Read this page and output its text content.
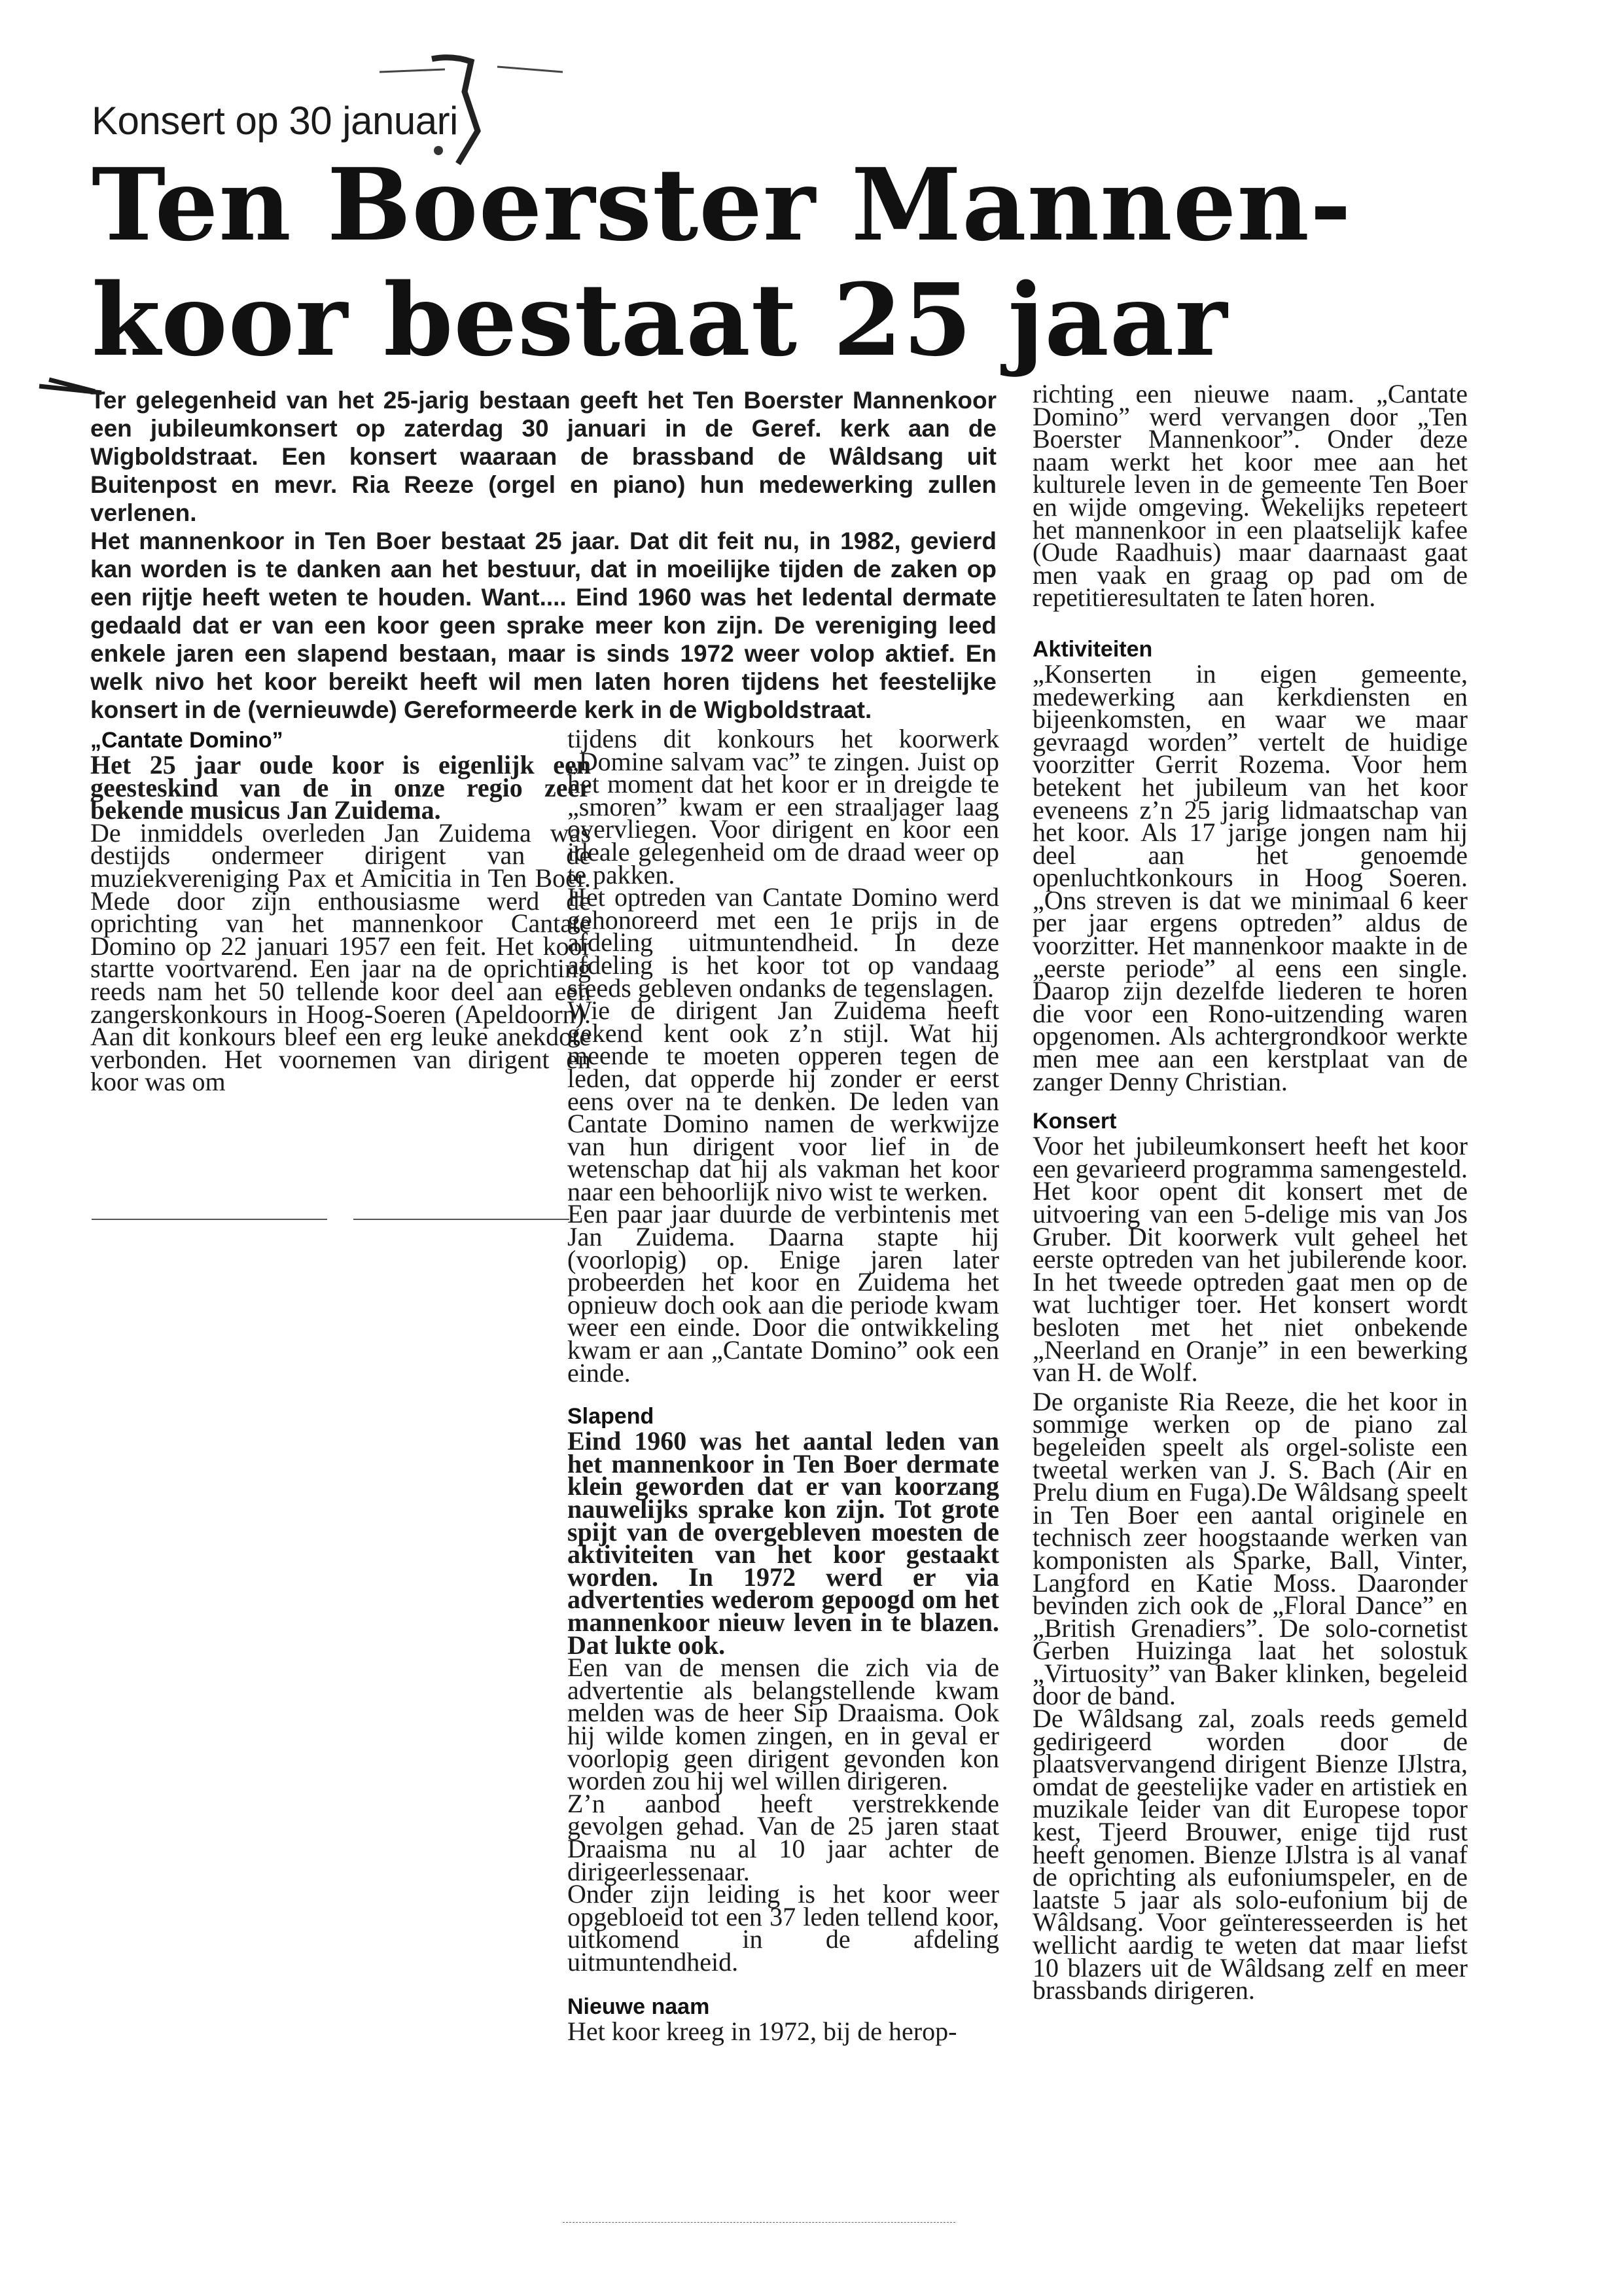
Konsert op 30 januari
Ten Boerster Mannen-
koor bestaat 25 jaar

Ter gelegenheid van het 25-jarig bestaan geeft het Ten Boerster Mannenkoor een jubileumkonsert op zaterdag 30 januari in de Geref. kerk aan de Wigboldstraat. Een konsert waaraan de brassband de Wâldsang uit Buitenpost en mevr. Ria Reeze (orgel en piano) hun medewerking zullen verlenen.

Het mannenkoor in Ten Boer bestaat 25 jaar. Dat dit feit nu, in 1982, gevierd kan worden is te danken aan het bestuur, dat in moeilijke tijden de zaken op een rijtje heeft weten te houden. Want.... Eind 1960 was het ledental dermate gedaald dat er van een koor geen sprake meer kon zijn. De vereniging leed enkele jaren een slapend bestaan, maar is sinds 1972 weer volop aktief. En welk nivo het koor bereikt heeft wil men laten horen tijdens het feestelijke konsert in de (vernieuwde) Gereformeerde kerk in de Wigboldstraat.

„Cantate Domino”

Het 25 jaar oude koor is eigenlijk een geesteskind van de in onze regio zeer bekende musicus Jan Zuidema.

De inmiddels overleden Jan Zuidema was destijds ondermeer dirigent van de muziekvereniging Pax et Amicitia in Ten Boer. Mede door zijn enthousiasme werd de oprichting van het mannenkoor Cantate Domino op 22 januari 1957 een feit. Het koor startte voortvarend. Een jaar na de oprichting reeds nam het 50 tellende koor deel aan een zangerskonkours in Hoog-Soeren (Apeldoorn). Aan dit konkours bleef een erg leuke anekdote verbonden. Het voornemen van dirigent en koor was om

tijdens dit konkours het koorwerk „Domine salvam vac” te zingen. Juist op het moment dat het koor er in dreigde te „smoren” kwam er een straaljager laag overvliegen. Voor dirigent en koor een ideale gelegenheid om de draad weer op te pakken.

Het optreden van Cantate Domino werd gehonoreerd met een 1e prijs in de afdeling uitmuntendheid. In deze afdeling is het koor tot op vandaag steeds gebleven ondanks de tegenslagen.

Wie de dirigent Jan Zuidema heeft gekend kent ook z’n stijl. Wat hij meende te moeten opperen tegen de leden, dat opperde hij zonder er eerst eens over na te denken. De leden van Cantate Domino namen de werkwijze van hun dirigent voor lief in de wetenschap dat hij als vakman het koor naar een behoorlijk nivo wist te werken.

Een paar jaar duurde de verbintenis met Jan Zuidema. Daarna stapte hij (voorlopig) op. Enige jaren later probeerden het koor en Zuidema het opnieuw doch ook aan die periode kwam weer een einde. Door die ontwikkeling kwam er aan „Cantate Domino” ook een einde.

Slapend

Eind 1960 was het aantal leden van het mannenkoor in Ten Boer dermate klein geworden dat er van koorzang nauwelijks sprake kon zijn. Tot grote spijt van de overgebleven moesten de aktiviteiten van het koor gestaakt worden. In 1972 werd er via advertenties wederom gepoogd om het mannenkoor nieuw leven in te blazen. Dat lukte ook.

Een van de mensen die zich via de advertentie als belangstellende kwam melden was de heer Sip Draaisma. Ook hij wilde komen zingen, en in geval er voorlopig geen dirigent gevonden kon worden zou hij wel willen dirigeren.

Z’n aanbod heeft verstrekkende gevolgen gehad. Van de 25 jaren staat Draaisma nu al 10 jaar achter de dirigeerlessenaar.

Onder zijn leiding is het koor weer opgebloeid tot een 37 leden tellend koor, uitkomend in de afdeling uitmuntendheid.

Nieuwe naam

Het koor kreeg in 1972, bij de herop-

richting een nieuwe naam. „Cantate Domino” werd vervangen door „Ten Boerster Mannenkoor”. Onder deze naam werkt het koor mee aan het kulturele leven in de gemeente Ten Boer en wijde omgeving. Wekelijks repeteert het mannenkoor in een plaatselijk kafee (Oude Raadhuis) maar daarnaast gaat men vaak en graag op pad om de repetitieresultaten te laten horen.

Aktiviteiten

„Konserten in eigen gemeente, medewerking aan kerkdiensten en bijeenkomsten, en waar we maar gevraagd worden” vertelt de huidige voorzitter Gerrit Rozema. Voor hem betekent het jubileum van het koor eveneens z’n 25 jarig lidmaatschap van het koor. Als 17 jarige jongen nam hij deel aan het genoemde openluchtkonkours in Hoog Soeren. „Ons streven is dat we minimaal 6 keer per jaar ergens optreden” aldus de voorzitter. Het mannenkoor maakte in de „eerste periode” al eens een single. Daarop zijn dezelfde liederen te horen die voor een Rono-uitzending waren opgenomen. Als achtergrondkoor werkte men mee aan een kerstplaat van de zanger Denny Christian.

Konsert

Voor het jubileumkonsert heeft het koor een gevarieerd programma samengesteld. Het koor opent dit konsert met de uitvoering van een 5-delige mis van Jos Gruber. Dit koorwerk vult geheel het eerste optreden van het jubilerende koor. In het tweede optreden gaat men op de wat luchtiger toer. Het konsert wordt besloten met het niet onbekende „Neerland en Oranje” in een bewerking van H. de Wolf.

De organiste Ria Reeze, die het koor in sommige werken op de piano zal begeleiden speelt als orgel-soliste een tweetal werken van J. S. Bach (Air en Prelu dium en Fuga).De Wâldsang speelt in Ten Boer een aantal originele en technisch zeer hoogstaande werken van komponisten als Sparke, Ball, Vinter, Langford en Katie Moss. Daaronder bevinden zich ook de „Floral Dance” en „British Grenadiers”. De solo-cornetist Gerben Huizinga laat het solostuk „Virtuosity” van Baker klinken, begeleid door de band.

De Wâldsang zal, zoals reeds gemeld gedirigeerd worden door de plaatsvervangend dirigent Bienze IJlstra, omdat de geestelijke vader en artistiek en muzikale leider van dit Europese topor kest, Tjeerd Brouwer, enige tijd rust heeft genomen. Bienze IJlstra is al vanaf de oprichting als eufoniumspeler, en de laatste 5 jaar als solo-eufonium bij de Wâldsang. Voor geïnteresseerden is het wellicht aardig te weten dat maar liefst 10 blazers uit de Wâldsang zelf en meer brassbands dirigeren.
